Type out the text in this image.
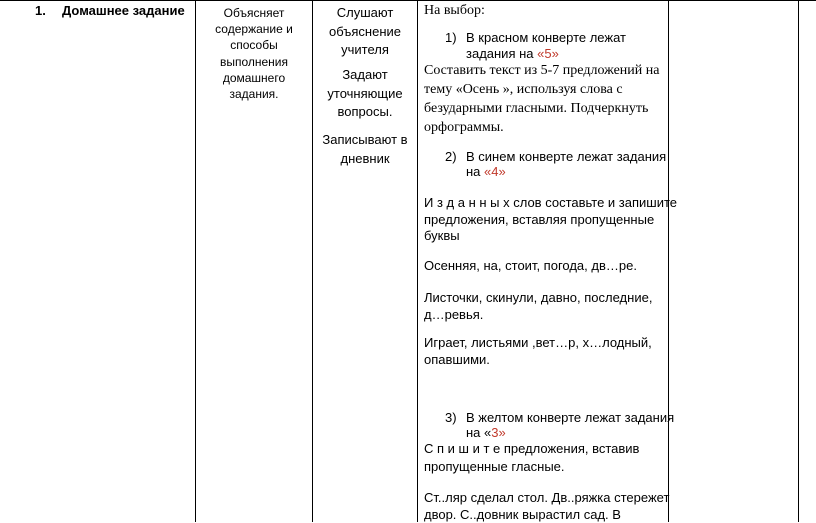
1. Домашнее задание	Объясняет
содержание и
способы
выполнения
домашнего
задания.
Слушают
объяснение
учителя
Задают
уточняющие
вопросы.
Записывают в
дневник
На выбор:
1) В красном конверте лежат
задания на «5»
Составить текст из 5-7 предложений на
тему «Осень », используя слова с
безударными гласными. Подчеркнуть
орфограммы.
2) В синем конверте лежат задания
на «4»
И з д а н н ы х слов составьте и запишите
предложения, вставляя пропущенные
буквы
Осенняя, на, стоит, погода, дв…ре.
Листочки, скинули, давно, последние,
д…ревья.
Играет, листьями ,вет…р, х…лодный,
опавшими.
3) В желтом конверте лежат задания
на «3»
С п и ш и т е предложения, вставив
пропущенные гласные.
Ст..ляр сделал стол. Дв..ряжка стережет
двор. С..довник вырастил сад. В
